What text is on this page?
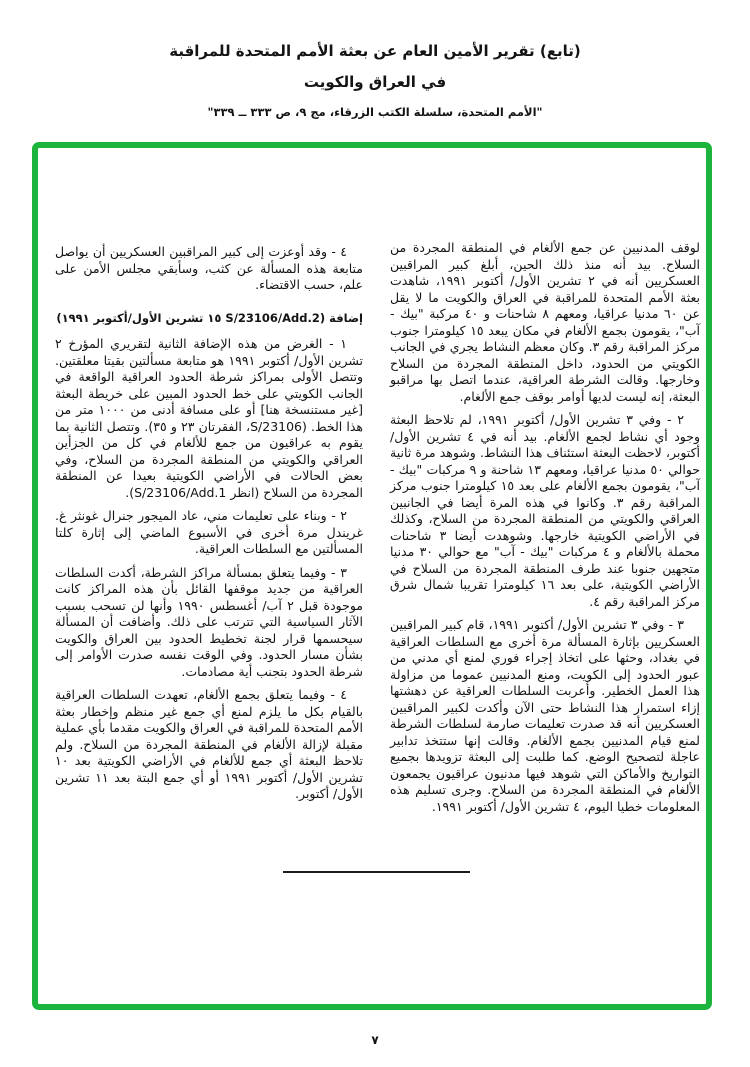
(تابع) تقرير الأمين العام عن بعثة الأمم المتحدة للمراقبة
في العراق والكويت
"الأمم المتحدة، سلسلة الكتب الزرقاء، مج ٩، ص ٣٣٣ ــ ٣٣٩"

لوقف المدنيين عن جمع الألغام في المنطقة المجردة من السلاح. بيد أنه منذ ذلك الحين، أبلغ كبير المراقبين العسكريين أنه في ٢ تشرين الأول/ أكتوبر ١٩٩١، شاهدت بعثة الأمم المتحدة للمراقبة في العراق والكويت ما لا يقل عن ٦٠ مدنيا عراقيا، ومعهم ٨ شاحنات و ٤٠ مركبة "بيك - آب"، يقومون بجمع الألغام في مكان يبعد ١٥ كيلومترا جنوب مركز المراقبة رقم ٣. وكان معظم النشاط يجري في الجانب الكويتي من الحدود، داخل المنطقة المجردة من السلاح وخارجها. وقالت الشرطة العراقية، عندما اتصل بها مراقبو البعثة، إنه ليست لديها أوامر بوقف جمع الألغام.

٢ - وفي ٣ تشرين الأول/ أكتوبر ١٩٩١، لم تلاحظ البعثة وجود أي نشاط لجمع الألغام. بيد أنه في ٤ تشرين الأول/ أكتوبر، لاحظت البعثة استئناف هذا النشاط. وشوهد مرة ثانية حوالي ٥٠ مدنيا عراقيا، ومعهم ١٣ شاحنة و ٩ مركبات "بيك - آب"، يقومون بجمع الألغام على بعد ١٥ كيلومترا جنوب مركز المراقبة رقم ٣. وكانوا في هذه المرة أيضا في الجانبين العراقي والكويتي من المنطقة المجردة من السلاح، وكذلك في الأراضي الكويتية خارجها. وشوهدت أيضا ٣ شاحنات محملة بالألغام و ٤ مركبات "بيك - آب" مع حوالي ٣٠ مدنيا متجهين جنوبا عند طرف المنطقة المجردة من السلاح في الأراضي الكويتية، على بعد ١٦ كيلومترا تقريبا شمال شرق مركز المراقبة رقم ٤.

٣ - وفي ٣ تشرين الأول/ أكتوبر ١٩٩١، قام كبير المراقبين العسكريين بإثارة المسألة مرة أخرى مع السلطات العراقية في بغداد، وحثها على اتخاذ إجراء فوري لمنع أي مدني من عبور الحدود إلى الكويت، ومنع المدنيين عموما من مزاولة هذا العمل الخطير. وأعربت السلطات العراقية عن دهشتها إزاء استمرار هذا النشاط حتى الآن وأكدت لكبير المراقبين العسكريين أنه قد صدرت تعليمات صارمة لسلطات الشرطة لمنع قيام المدنيين بجمع الألغام. وقالت إنها ستتخذ تدابير عاجلة لتصحيح الوضع. كما طلبت إلى البعثة تزويدها بجميع التواريخ والأماكن التي شوهد فيها مدنيون عراقيون يجمعون الألغام في المنطقة المجردة من السلاح. وجرى تسليم هذه المعلومات خطيا اليوم، ٤ تشرين الأول/ أكتوبر ١٩٩١.

٤ - وقد أوعزت إلى كبير المراقبين العسكريين أن يواصل متابعة هذه المسألة عن كثب، وسأبقي مجلس الأمن على علم، حسب الاقتضاء.

إضافة (S/23106/Add.2 ١٥ تشرين الأول/أكتوبر ١٩٩١)

١ - الغرض من هذه الإضافة الثانية لتقريري المؤرخ ٢ تشرين الأول/ أكتوبر ١٩٩١ هو متابعة مسألتين بقيتا معلقتين. وتتصل الأولى بمراكز شرطة الحدود العراقية الواقعة في الجانب الكويتي على خط الحدود المبين على خريطة البعثة [غير مستنسخة هنا] أو على مسافة أدنى من ١٠٠٠ متر من هذا الخط. (S/23106، الفقرتان ٢٣ و ٣٥). وتتصل الثانية بما يقوم به عراقيون من جمع للألغام في كل من الجزأين العراقي والكويتي من المنطقة المجردة من السلاح، وفي بعض الحالات في الأراضي الكويتية بعيدا عن المنطقة المجردة من السلاح (انظر S/23106/Add.1).

٢ - وبناء على تعليمات مني، عاد الميجور جنرال غونثر غ. غريندل مرة أخرى في الأسبوع الماضي إلى إثارة كلتا المسألتين مع السلطات العراقية.

٣ - وفيما يتعلق بمسألة مراكز الشرطة، أكدت السلطات العراقية من جديد موقفها القائل بأن هذه المراكز كانت موجودة قبل ٢ آب/ أغسطس ١٩٩٠ وأنها لن تسحب بسبب الآثار السياسية التي تترتب على ذلك. وأضافت أن المسألة سيحسمها قرار لجنة تخطيط الحدود بين العراق والكويت بشأن مسار الحدود. وفي الوقت نفسه صدرت الأوامر إلى شرطة الحدود بتجنب أية مصادمات.

٤ - وفيما يتعلق بجمع الألغام، تعهدت السلطات العراقية بالقيام بكل ما يلزم لمنع أي جمع غير منظم وإخطار بعثة الأمم المتحدة للمراقبة في العراق والكويت مقدما بأي عملية مقبلة لإزالة الألغام في المنطقة المجردة من السلاح. ولم تلاحظ البعثة أي جمع للألغام في الأراضي الكويتية بعد ١٠ تشرين الأول/ أكتوبر ١٩٩١ أو أي جمع البتة بعد ١١ تشرين الأول/ أكتوبر.

٧
